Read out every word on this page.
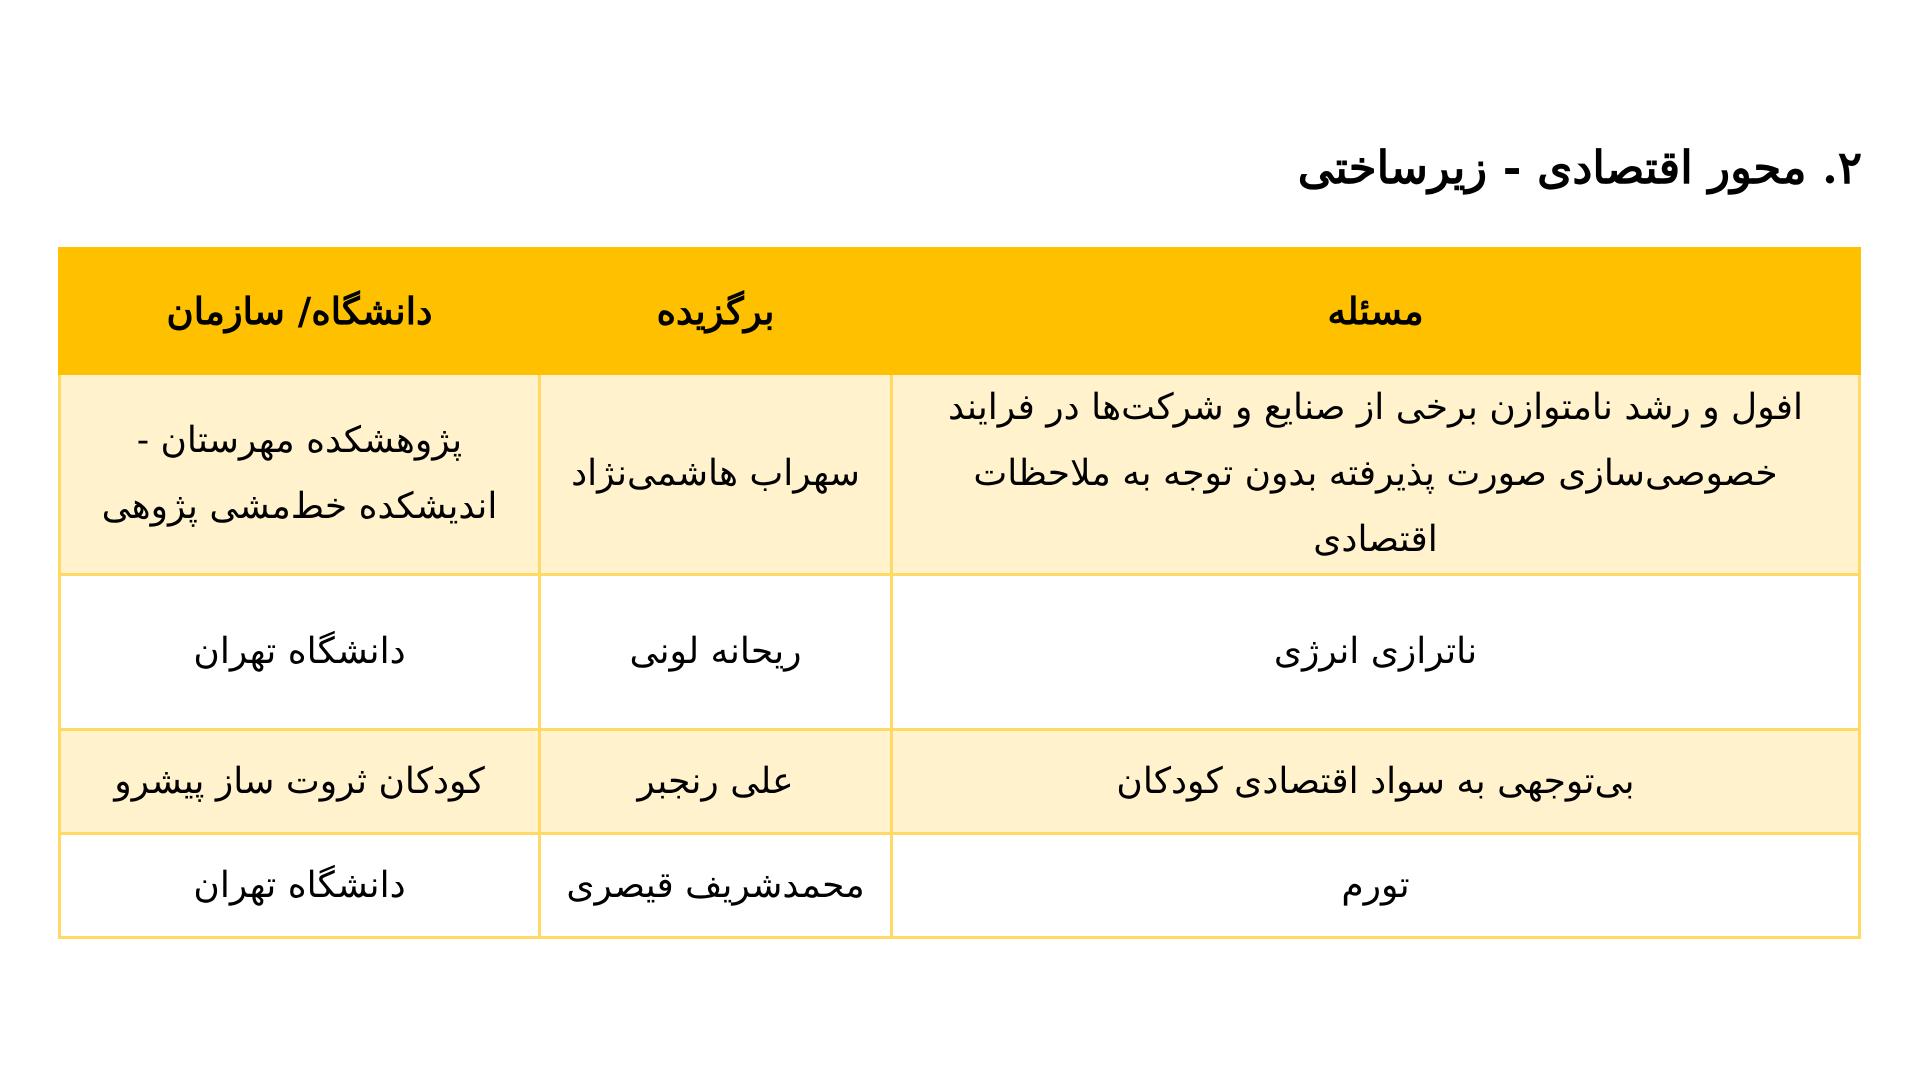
۲. محور اقتصادی - زیرساختی
مسئله	برگزیده	دانشگاه/ سازمان
افول و رشد نامتوازن برخی از صنایع و شرکت‌ها در فرایند خصوصی‌سازی صورت پذیرفته بدون توجه به ملاحظات اقتصادی	سهراب هاشمی‌نژاد	پژوهشکده مهرستان - اندیشکده خط‌مشی پژوهی
ناترازی انرژی	ریحانه لونی	دانشگاه تهران
بی‌توجهی به سواد اقتصادی کودکان	علی رنجبر	کودکان ثروت ساز پیشرو
تورم	محمدشریف قیصری	دانشگاه تهران
